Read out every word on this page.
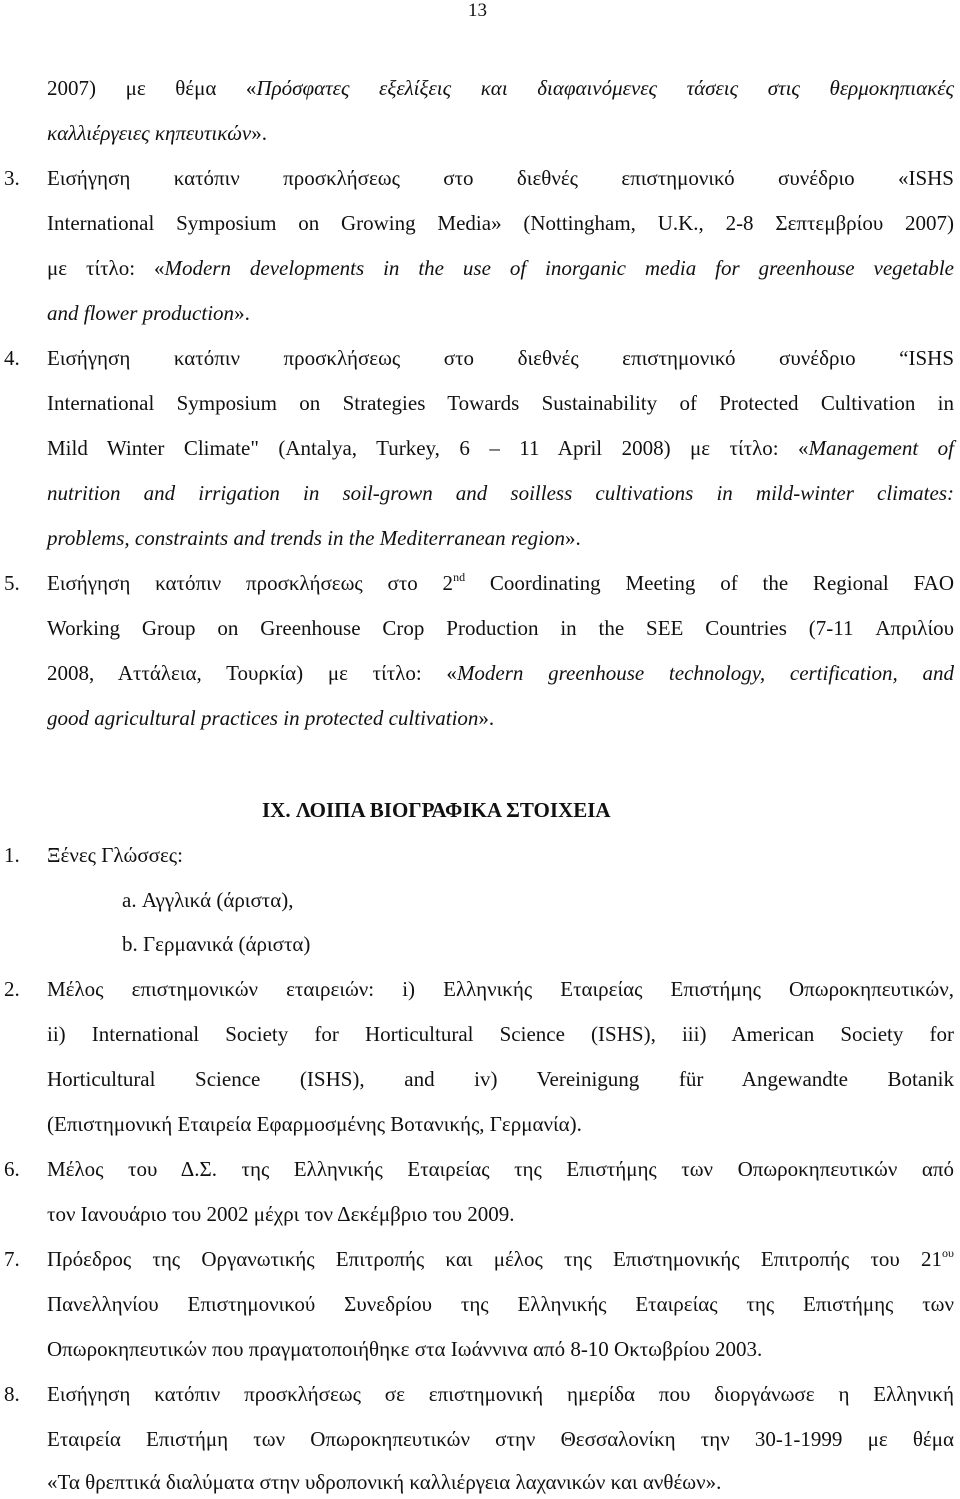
13
2007) με θέμα «Πρόσφατες εξελίξεις και διαφαινόμενες τάσεις στις θερμοκηπιακές
καλλιέργειες κηπευτικών».
3. Εισήγηση κατόπιν προσκλήσεως στο διεθνές επιστημονικό συνέδριο «ISHS
International Symposium on Growing Media» (Nottingham, U.K., 2-8 Σεπτεμβρίου 2007)
με τίτλο: «Modern developments in the use of inorganic media for greenhouse vegetable
and flower production».
4. Εισήγηση κατόπιν προσκλήσεως στο διεθνές επιστημονικό συνέδριο “ISHS
International Symposium on Strategies Towards Sustainability of Protected Cultivation in
Mild Winter Climate" (Antalya, Turkey, 6 – 11 April 2008) με τίτλο: «Management of
nutrition and irrigation in soil-grown and soilless cultivations in mild-winter climates:
problems, constraints and trends in the Mediterranean region».
5. Εισήγηση κατόπιν προσκλήσεως στο 2nd Coordinating Meeting of the Regional FAO
Working Group on Greenhouse Crop Production in the SEE Countries (7-11 Απριλίου
2008, Αττάλεια, Τουρκία) με τίτλο: «Modern greenhouse technology, certification, and
good agricultural practices in protected cultivation».
IX. ΛΟΙΠΑ ΒΙΟΓΡΑΦΙΚΑ ΣΤΟΙΧΕΙΑ
1. Ξένες Γλώσσες:
a. Αγγλικά (άριστα),
b. Γερμανικά (άριστα)
2. Μέλος επιστημονικών εταιρειών: i) Ελληνικής Εταιρείας Επιστήμης Οπωροκηπευτικών,
ii) International Society for Horticultural Science (ISHS), iii) American Society for
Horticultural Science (ISHS), and iv) Vereinigung für Angewandte Botanik
(Επιστημονική Εταιρεία Εφαρμοσμένης Βοτανικής, Γερμανία).
6. Μέλος του Δ.Σ. της Ελληνικής Εταιρείας της Επιστήμης των Οπωροκηπευτικών από
τον Ιανουάριο του 2002 μέχρι τον Δεκέμβριο του 2009.
7. Πρόεδρος της Οργανωτικής Επιτροπής και μέλος της Επιστημονικής Επιτροπής του $21^{o\upsilon}$
Πανελληνίου Επιστημονικού Συνεδρίου της Ελληνικής Εταιρείας της Επιστήμης των
Οπωροκηπευτικών που πραγματοποιήθηκε στα Ιωάννινα από 8-10 Οκτωβρίου 2003.
8. Εισήγηση κατόπιν προσκλήσεως σε επιστημονική ημερίδα που διοργάνωσε η Ελληνική
Εταιρεία Επιστήμη των Οπωροκηπευτικών στην Θεσσαλονίκη την 30-1-1999 με θέμα
«Τα θρεπτικά διαλύματα στην υδροπονική καλλιέργεια λαχανικών και ανθέων».
